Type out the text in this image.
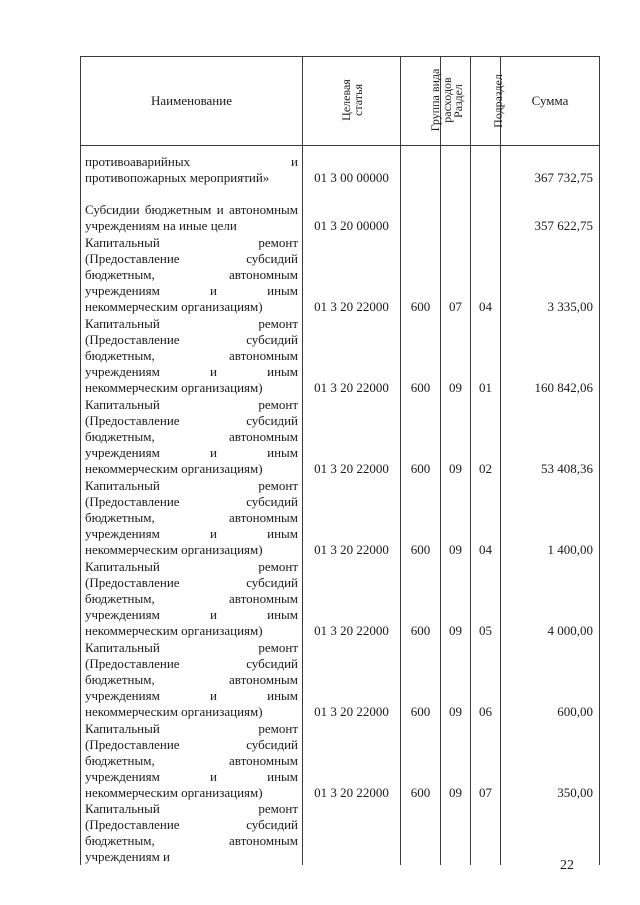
Наименование	Целевая статья	Группа вида расходов	Раздел	Подраздел	Сумма
противоаварийных и противопожарных мероприятий»	01 3 00 00000				367 732,75
Субсидии бюджетным и автономным учреждениям на иные цели	01 3 20 00000				357 622,75
Капитальный ремонт (Предоставление субсидий бюджетным, автономным учреждениям и иным некоммерческим организациям)	01 3 20 22000	600	07	04	3 335,00
Капитальный ремонт (Предоставление субсидий бюджетным, автономным учреждениям и иным некоммерческим организациям)	01 3 20 22000	600	09	01	160 842,06
Капитальный ремонт (Предоставление субсидий бюджетным, автономным учреждениям и иным некоммерческим организациям)	01 3 20 22000	600	09	02	53 408,36
Капитальный ремонт (Предоставление субсидий бюджетным, автономным учреждениям и иным некоммерческим организациям)	01 3 20 22000	600	09	04	1 400,00
Капитальный ремонт (Предоставление субсидий бюджетным, автономным учреждениям и иным некоммерческим организациям)	01 3 20 22000	600	09	05	4 000,00
Капитальный ремонт (Предоставление субсидий бюджетным, автономным учреждениям и иным некоммерческим организациям)	01 3 20 22000	600	09	06	600,00
Капитальный ремонт (Предоставление субсидий бюджетным, автономным учреждениям и иным некоммерческим организациям)	01 3 20 22000	600	09	07	350,00
Капитальный ремонт (Предоставление субсидий бюджетным, автономным учреждениям и					
22
